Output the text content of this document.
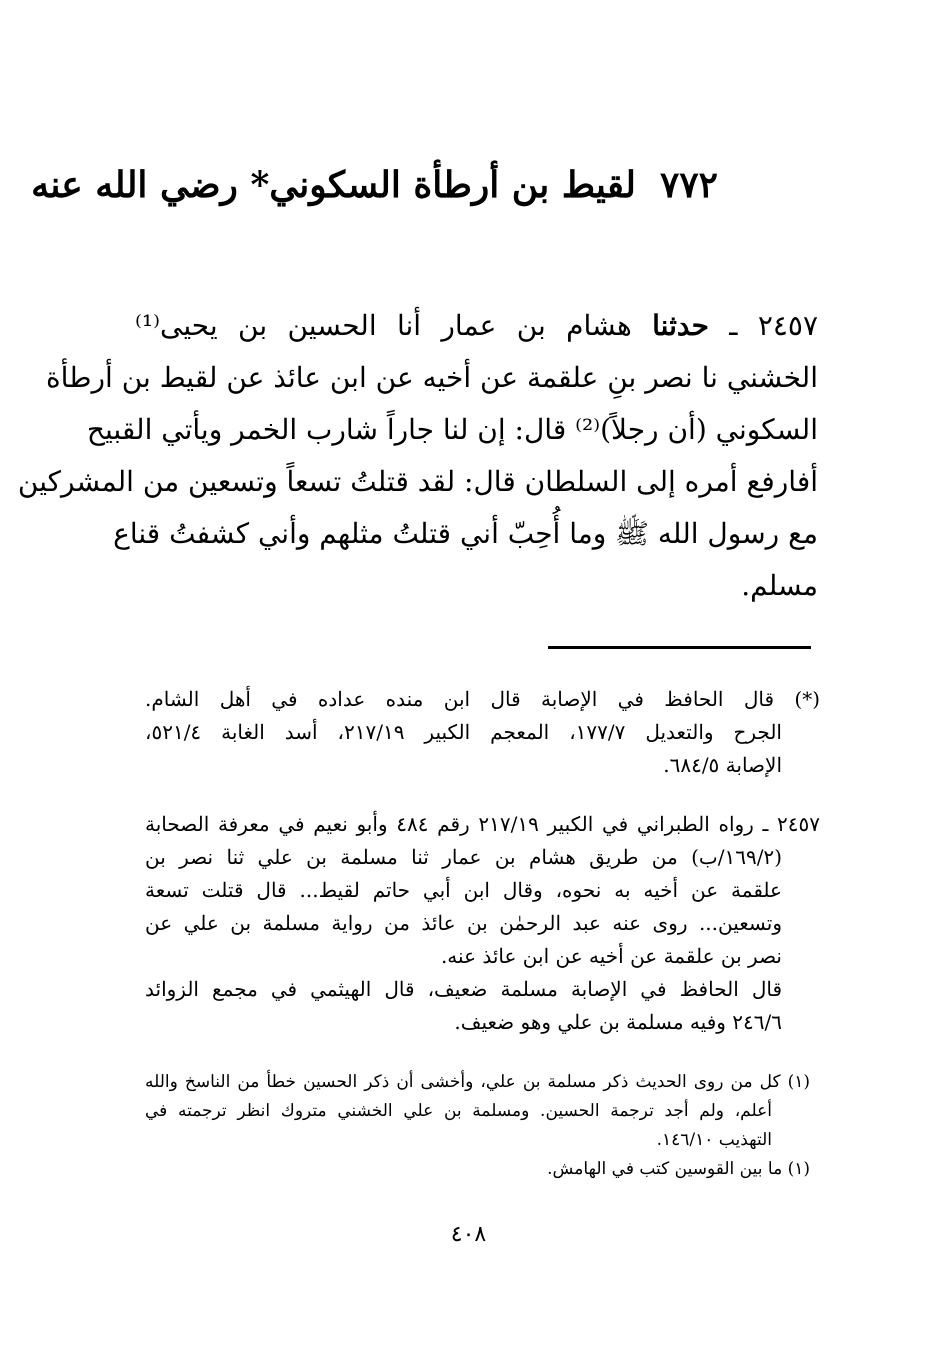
٧٧٢لقيط بن أرطأة السكوني* رضي الله عنه
٢٤٥٧ ـ حدثنا هشام بن عمار أنا الحسين بن يحيى⁽¹⁾
الخشني نا نصر بنِ علقمة عن أخيه عن ابن عائذ عن لقيط بن أرطأة
السكوني (أن رجلاً)⁽²⁾ قال: إن لنا جاراً شارب الخمر ويأتي القبيح
أفارفع أمره إلى السلطان قال: لقد قتلتُ تسعاً وتسعين من المشركين
مع رسول الله ﷺ وما أُحِبّ أني قتلتُ مثلهم وأني كشفتُ قناع
مسلم.
(*) قال الحافظ في الإصابة قال ابن منده عداده في أهل الشام.
الجرح والتعديل ١٧٧/٧، المعجم الكبير ٢١٧/١٩، أسد الغابة ٥٢١/٤،
الإصابة ٦٨٤/٥.
٢٤٥٧ ـ رواه الطبراني في الكبير ٢١٧/١٩ رقم ٤٨٤ وأبو نعيم في معرفة الصحابة
(١٦٩/٢/ب) من طريق هشام بن عمار ثنا مسلمة بن علي ثنا نصر بن
علقمة عن أخيه به نحوه، وقال ابن أبي حاتم لقيط... قال قتلت تسعة
وتسعين... روى عنه عبد الرحمٰن بن عائذ من رواية مسلمة بن علي عن
نصر بن علقمة عن أخيه عن ابن عائذ عنه.
قال الحافظ في الإصابة مسلمة ضعيف، قال الهيثمي في مجمع الزوائد
٢٤٦/٦ وفيه مسلمة بن علي وهو ضعيف.
(١) كل من روى الحديث ذكر مسلمة بن علي، وأخشى أن ذكر الحسين خطأ من الناسخ والله
أعلم، ولم أجد ترجمة الحسين. ومسلمة بن علي الخشني متروك انظر ترجمته في
التهذيب ١٤٦/١٠.
(١) ما بين القوسين كتب في الهامش.
٤٠٨
